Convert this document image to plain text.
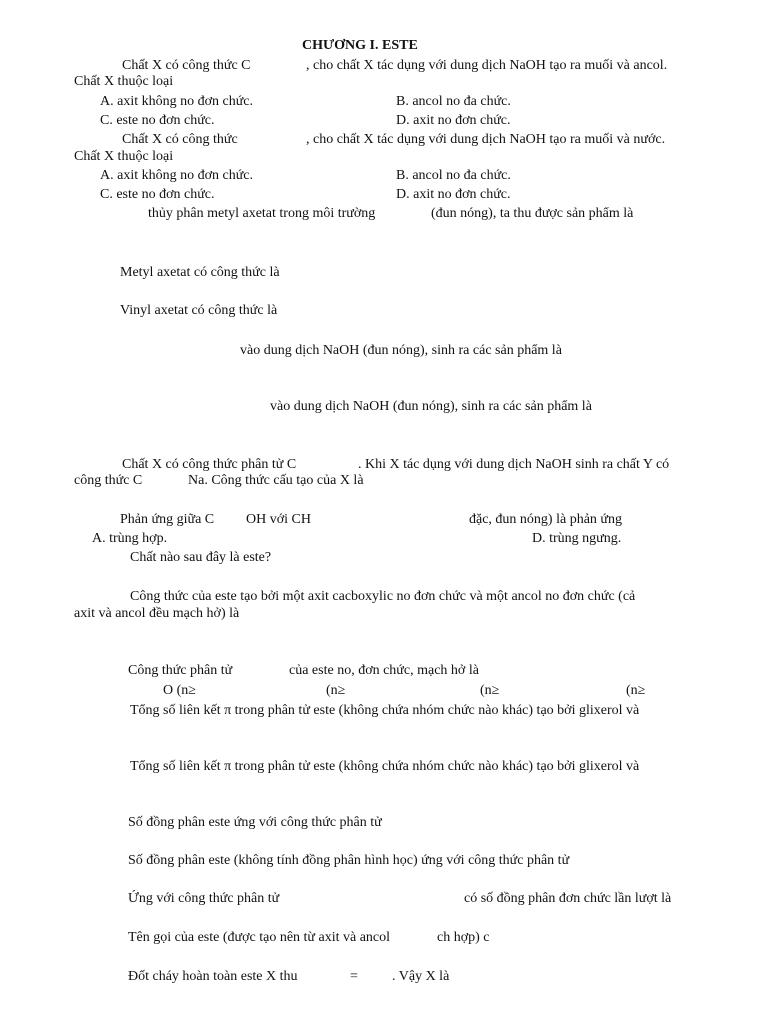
CHƯƠNG I. ESTE
Chất X có công thức C	, cho chất X tác dụng với dung dịch NaOH tạo ra muối và ancol.
Chất X thuộc loại
A. axit không no đơn chức.	B. ancol no đa chức.
C. este no đơn chức.	D. axit no đơn chức.
Chất X có công thức	, cho chất X tác dụng với dung dịch NaOH tạo ra muối và nước.
Chất X thuộc loại
A. axit không no đơn chức.	B. ancol no đa chức.
C. este no đơn chức.	D. axit no đơn chức.
thủy phân metyl axetat trong môi trường	(đun nóng), ta thu được sản phẩm là
Metyl axetat có công thức là
Vinyl axetat có công thức là
vào dung dịch NaOH (đun nóng), sinh ra các sản phẩm là
vào dung dịch NaOH (đun nóng), sinh ra các sản phẩm là
Chất X có công thức phân tử C	. Khi X tác dụng với dung dịch NaOH sinh ra chất Y có
công thức C	Na. Công thức cấu tạo của X là
Phản ứng giữa C OH với CH	đặc, đun nóng) là phản ứng
A. trùng hợp.	D. trùng ngưng.
Chất nào sau đây là este?
Công thức của este tạo bởi một axit cacboxylic no đơn chức và một ancol no đơn chức (cả
axit và ancol đều mạch hở) là
Công thức phân tử	của este no, đơn chức, mạch hở là
O (n≥	(n≥	(n≥	(n≥
Tổng số liên kết π trong phân tử este (không chứa nhóm chức nào khác) tạo bởi glixerol và
Tổng số liên kết π trong phân tử este (không chứa nhóm chức nào khác) tạo bởi glixerol và
Số đồng phân este ứng với công thức phân tử
Số đồng phân este (không tính đồng phân hình học) ứng với công thức phân tử
Ứng với công thức phân tử	có số đồng phân đơn chức lần lượt là
Tên gọi của este (được tạo nên từ axit và ancol	ch hợp) c
Đốt cháy hoàn toàn este X thu	= . Vậy X là
